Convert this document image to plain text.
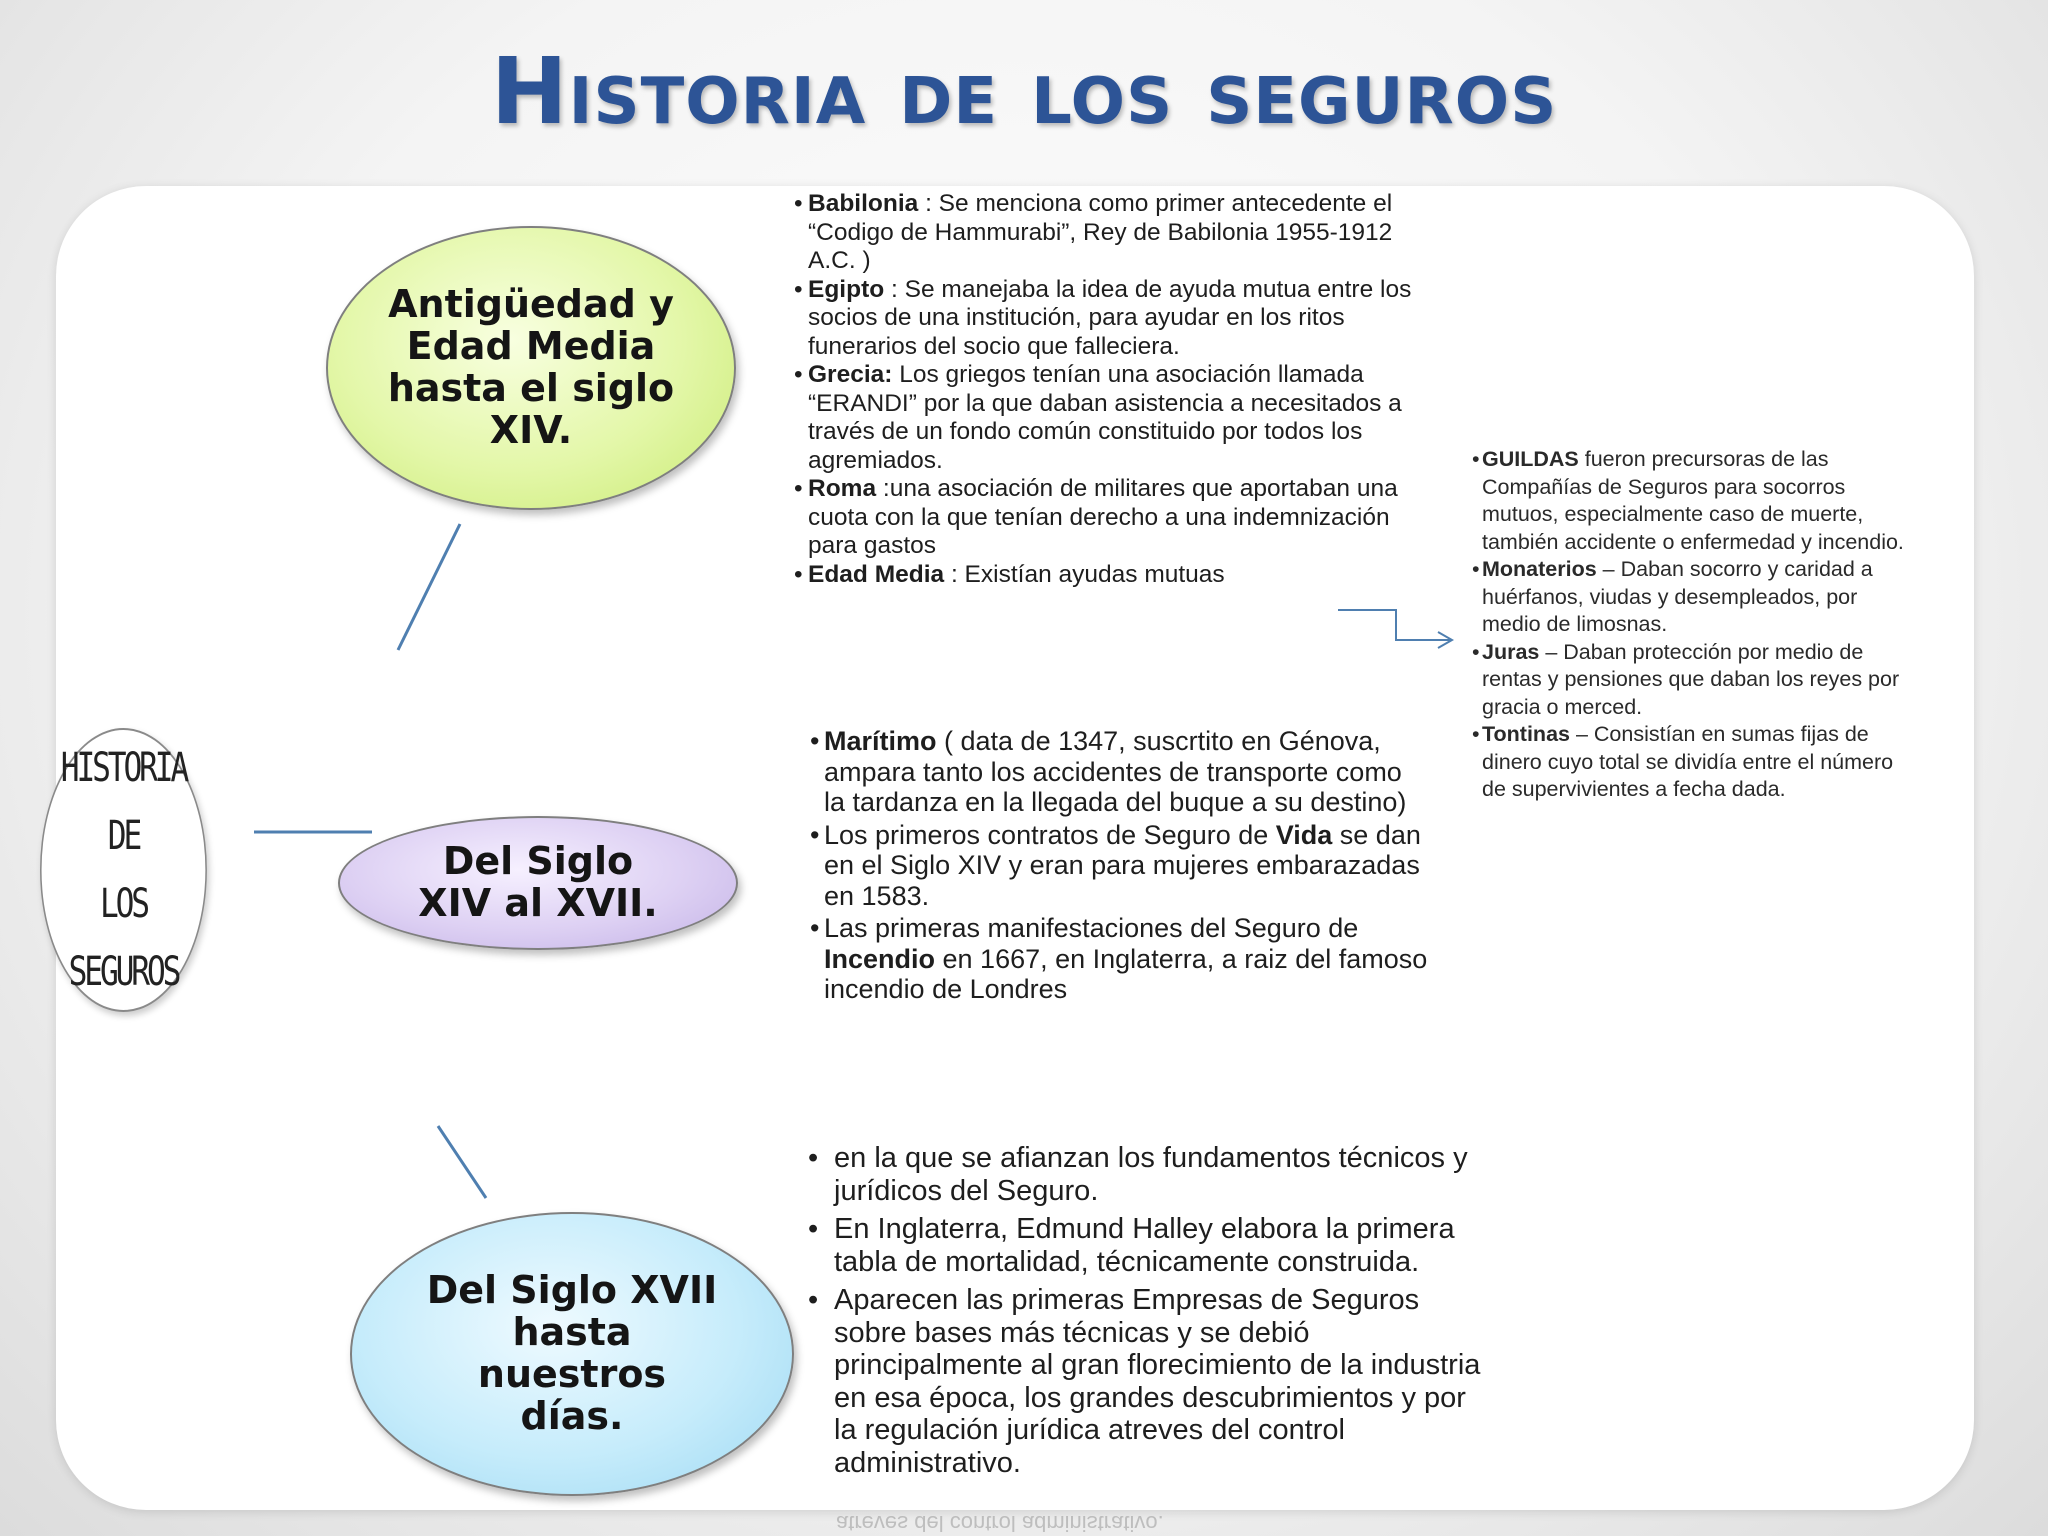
Historia de los seguros
HISTORIA DE
LOS SEGUROS
Antigüedad y Edad Media hasta el siglo XIV.
Del Siglo XIV al XVII.
Del Siglo XVII hasta nuestros días.

• Babilonia : Se menciona como primer antecedente el “Codigo de Hammurabi”, Rey de Babilonia 1955-1912 A.C. )

• Egipto : Se manejaba la idea de ayuda mutua entre los socios de una institución, para ayudar en los ritos funerarios del socio que falleciera.

• Grecia: Los griegos tenían una asociación llamada “ERANDI” por la que daban asistencia a necesitados a través de un fondo común constituido por todos los agremiados.

• Roma :una asociación de militares que aportaban una cuota con la que tenían derecho a una indemnización para gastos

• Edad Media : Existían ayudas mutuas

• Marítimo ( data de 1347, suscrtito en Génova, ampara tanto los accidentes de transporte como la tardanza en la llegada del buque a su destino)

• Los primeros contratos de Seguro de Vida se dan en el Siglo XIV y eran para mujeres embarazadas en 1583.

• Las primeras manifestaciones del Seguro de Incendio en 1667, en Inglaterra, a raiz del famoso incendio de Londres

• en la que se afianzan los fundamentos técnicos y jurídicos del Seguro.

• En Inglaterra, Edmund Halley elabora la primera tabla de mortalidad, técnicamente construida.

• Aparecen las primeras Empresas de Seguros sobre bases más técnicas y se debió principalmente al gran florecimiento de la industria en esa época, los grandes descubrimientos y por la regulación jurídica atreves del control administrativo.

• GUILDAS fueron precursoras de las Compañías de Seguros para socorros mutuos, especialmente caso de muerte, también accidente o enfermedad y incendio.

• Monaterios – Daban socorro y caridad a huérfanos, viudas y desempleados, por medio de limosnas.

• Juras – Daban protección por medio de rentas y pensiones que daban los reyes por gracia o merced.

• Tontinas – Consistían en sumas fijas de dinero cuyo total se dividía entre el número de supervivientes a fecha dada.

atreves del control administrativo.
